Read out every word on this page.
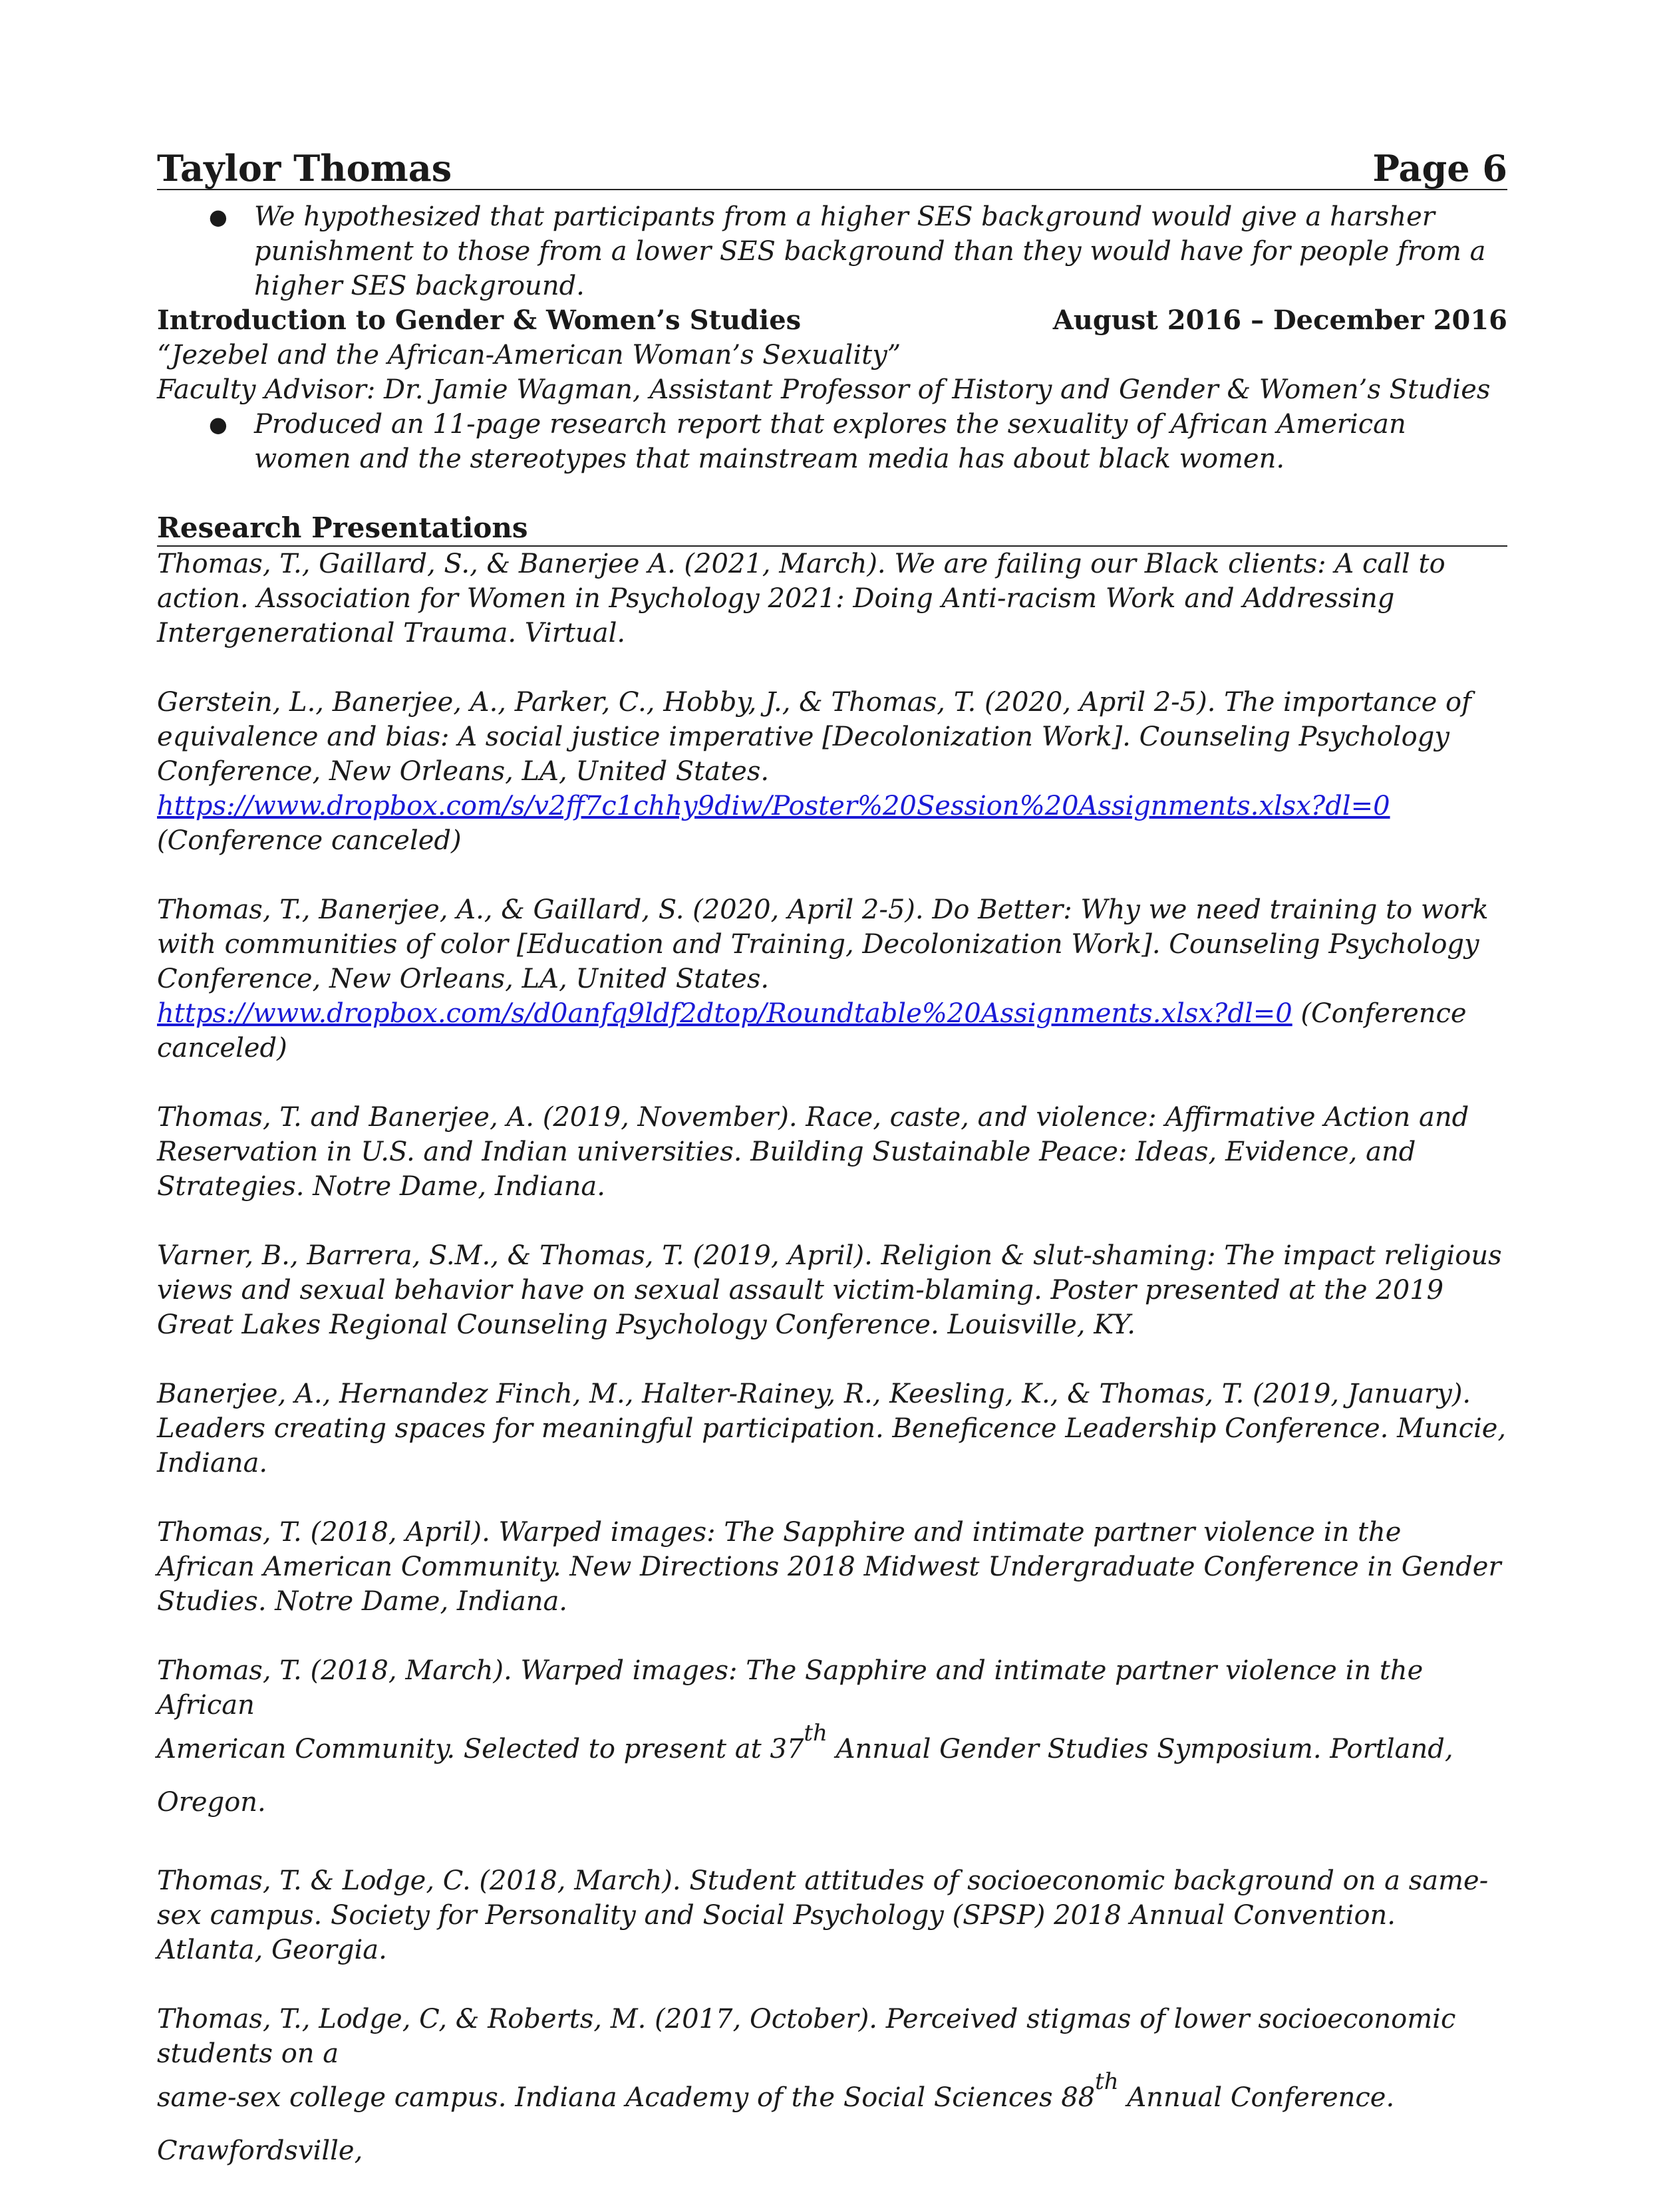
Taylor Thomas	Page 6
● We hypothesized that participants from a higher SES background would give a harsher punishment to those from a lower SES background than they would have for people from a higher SES background.
Introduction to Gender & Women’s Studies	August 2016 – December 2016
“Jezebel and the African-American Woman’s Sexuality”
Faculty Advisor: Dr. Jamie Wagman, Assistant Professor of History and Gender & Women’s Studies
● Produced an 11-page research report that explores the sexuality of African American women and the stereotypes that mainstream media has about black women.
Research Presentations

Thomas, T., Gaillard, S., & Banerjee A. (2021, March). We are failing our Black clients: A call to action. Association for Women in Psychology 2021: Doing Anti-racism Work and Addressing Intergenerational Trauma. Virtual.

Gerstein, L., Banerjee, A., Parker, C., Hobby, J., & Thomas, T. (2020, April 2-5). The importance of equivalence and bias: A social justice imperative [Decolonization Work]. Counseling Psychology Conference, New Orleans, LA, United States.
https://www.dropbox.com/s/v2ff7c1chhy9diw/Poster%20Session%20Assignments.xlsx?dl=0 (Conference canceled)

Thomas, T., Banerjee, A., & Gaillard, S. (2020, April 2-5). Do Better: Why we need training to work with communities of color [Education and Training, Decolonization Work]. Counseling Psychology Conference, New Orleans, LA, United States.
https://www.dropbox.com/s/d0anfq9ldf2dtop/Roundtable%20Assignments.xlsx?dl=0 (Conference canceled)

Thomas, T. and Banerjee, A. (2019, November). Race, caste, and violence: Affirmative Action and Reservation in U.S. and Indian universities. Building Sustainable Peace: Ideas, Evidence, and Strategies. Notre Dame, Indiana.

Varner, B., Barrera, S.M., & Thomas, T. (2019, April). Religion & slut-shaming: The impact religious views and sexual behavior have on sexual assault victim-blaming. Poster presented at the 2019 Great Lakes Regional Counseling Psychology Conference. Louisville, KY.

Banerjee, A., Hernandez Finch, M., Halter-Rainey, R., Keesling, K., & Thomas, T. (2019, January). Leaders creating spaces for meaningful participation. Beneficence Leadership Conference. Muncie, Indiana.

Thomas, T. (2018, April). Warped images: The Sapphire and intimate partner violence in the African American Community. New Directions 2018 Midwest Undergraduate Conference in Gender Studies. Notre Dame, Indiana.

Thomas, T. (2018, March). Warped images: The Sapphire and intimate partner violence in the African
American Community. Selected to present at 37th Annual Gender Studies Symposium. Portland, Oregon.

Thomas, T. & Lodge, C. (2018, March). Student attitudes of socioeconomic background on a same-sex campus. Society for Personality and Social Psychology (SPSP) 2018 Annual Convention. Atlanta, Georgia.

Thomas, T., Lodge, C, & Roberts, M. (2017, October). Perceived stigmas of lower socioeconomic students on a
same-sex college campus. Indiana Academy of the Social Sciences 88th Annual Conference. Crawfordsville,
